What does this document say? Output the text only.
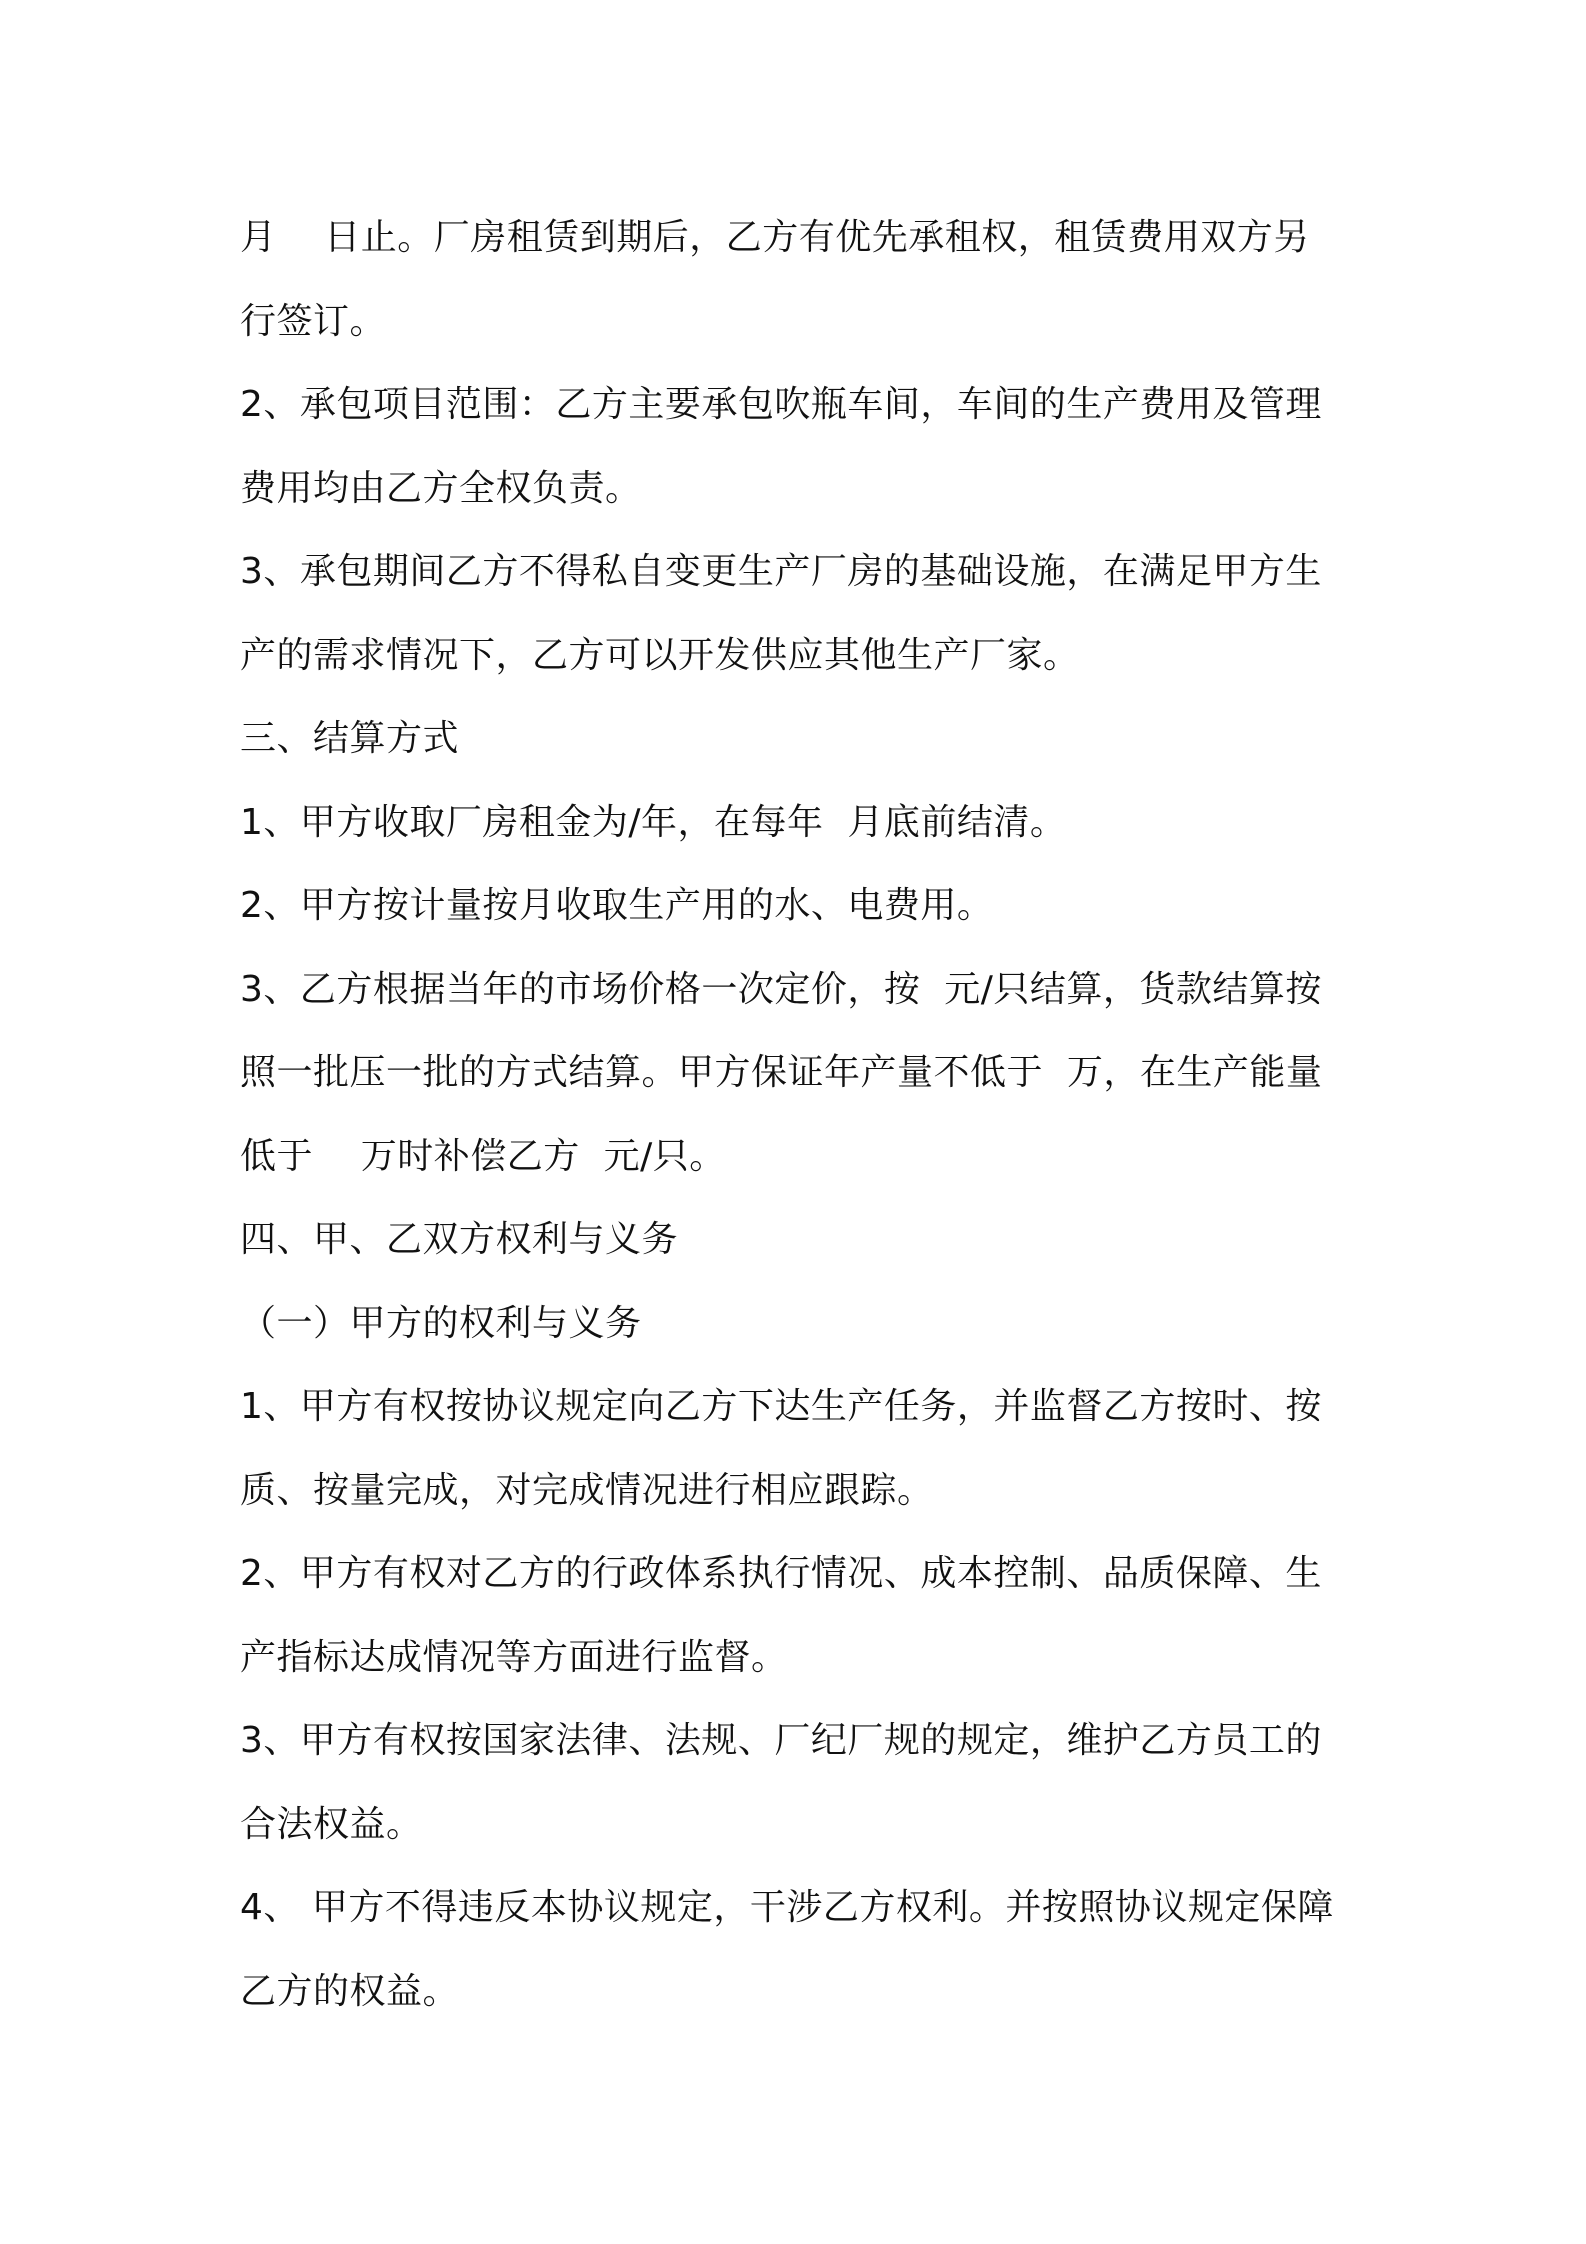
月    日止。厂房租赁到期后，乙方有优先承租权，租赁费用双方另
行签订。
2、承包项目范围：乙方主要承包吹瓶车间，车间的生产费用及管理
费用均由乙方全权负责。
3、承包期间乙方不得私自变更生产厂房的基础设施，在满足甲方生
产的需求情况下，乙方可以开发供应其他生产厂家。
三、结算方式
1、甲方收取厂房租金为/年，在每年  月底前结清。
2、甲方按计量按月收取生产用的水、电费用。
3、乙方根据当年的市场价格一次定价，按  元/只结算，货款结算按
照一批压一批的方式结算。甲方保证年产量不低于  万，在生产能量
低于    万时补偿乙方  元/只。
四、甲、乙双方权利与义务
（一）甲方的权利与义务
1、甲方有权按协议规定向乙方下达生产任务，并监督乙方按时、按
质、按量完成，对完成情况进行相应跟踪。
2、甲方有权对乙方的行政体系执行情况、成本控制、品质保障、生
产指标达成情况等方面进行监督。
3、甲方有权按国家法律、法规、厂纪厂规的规定，维护乙方员工的
合法权益。
4、 甲方不得违反本协议规定，干涉乙方权利。并按照协议规定保障
乙方的权益。
